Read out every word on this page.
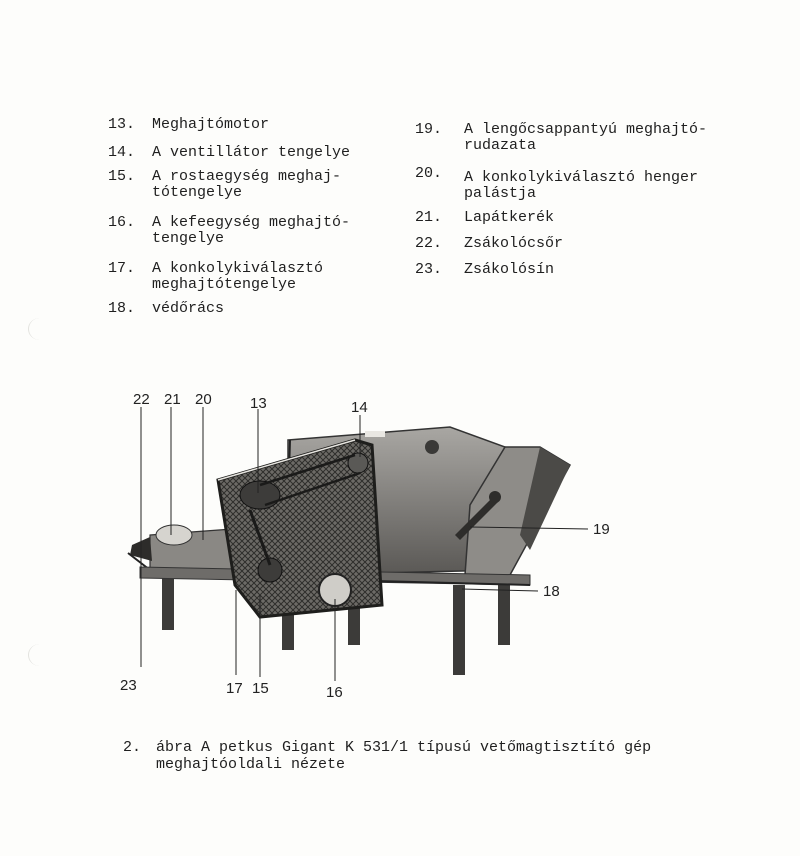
13. Meghajtómotor
14. A ventillátor tengelye
15. A rostaegység meghaj-
tótengelye
16. A kefeegység meghajtó-
tengelye
17. A konkolykiválasztó
meghajtótengelye
18. védőrács
19. A lengőcsappantyú meghajtó-
rudazata
20. A konkolykiválasztó henger
palástja
21. Lapátkerék
22. Zsákolócsőr
23. Zsákolósín
22 21 20	13	14
19
18
23	17 15	16

2.

ábra A petkus Gigant K 531/1 típusú vetőmagtisztító gép

meghajtóoldali nézete
